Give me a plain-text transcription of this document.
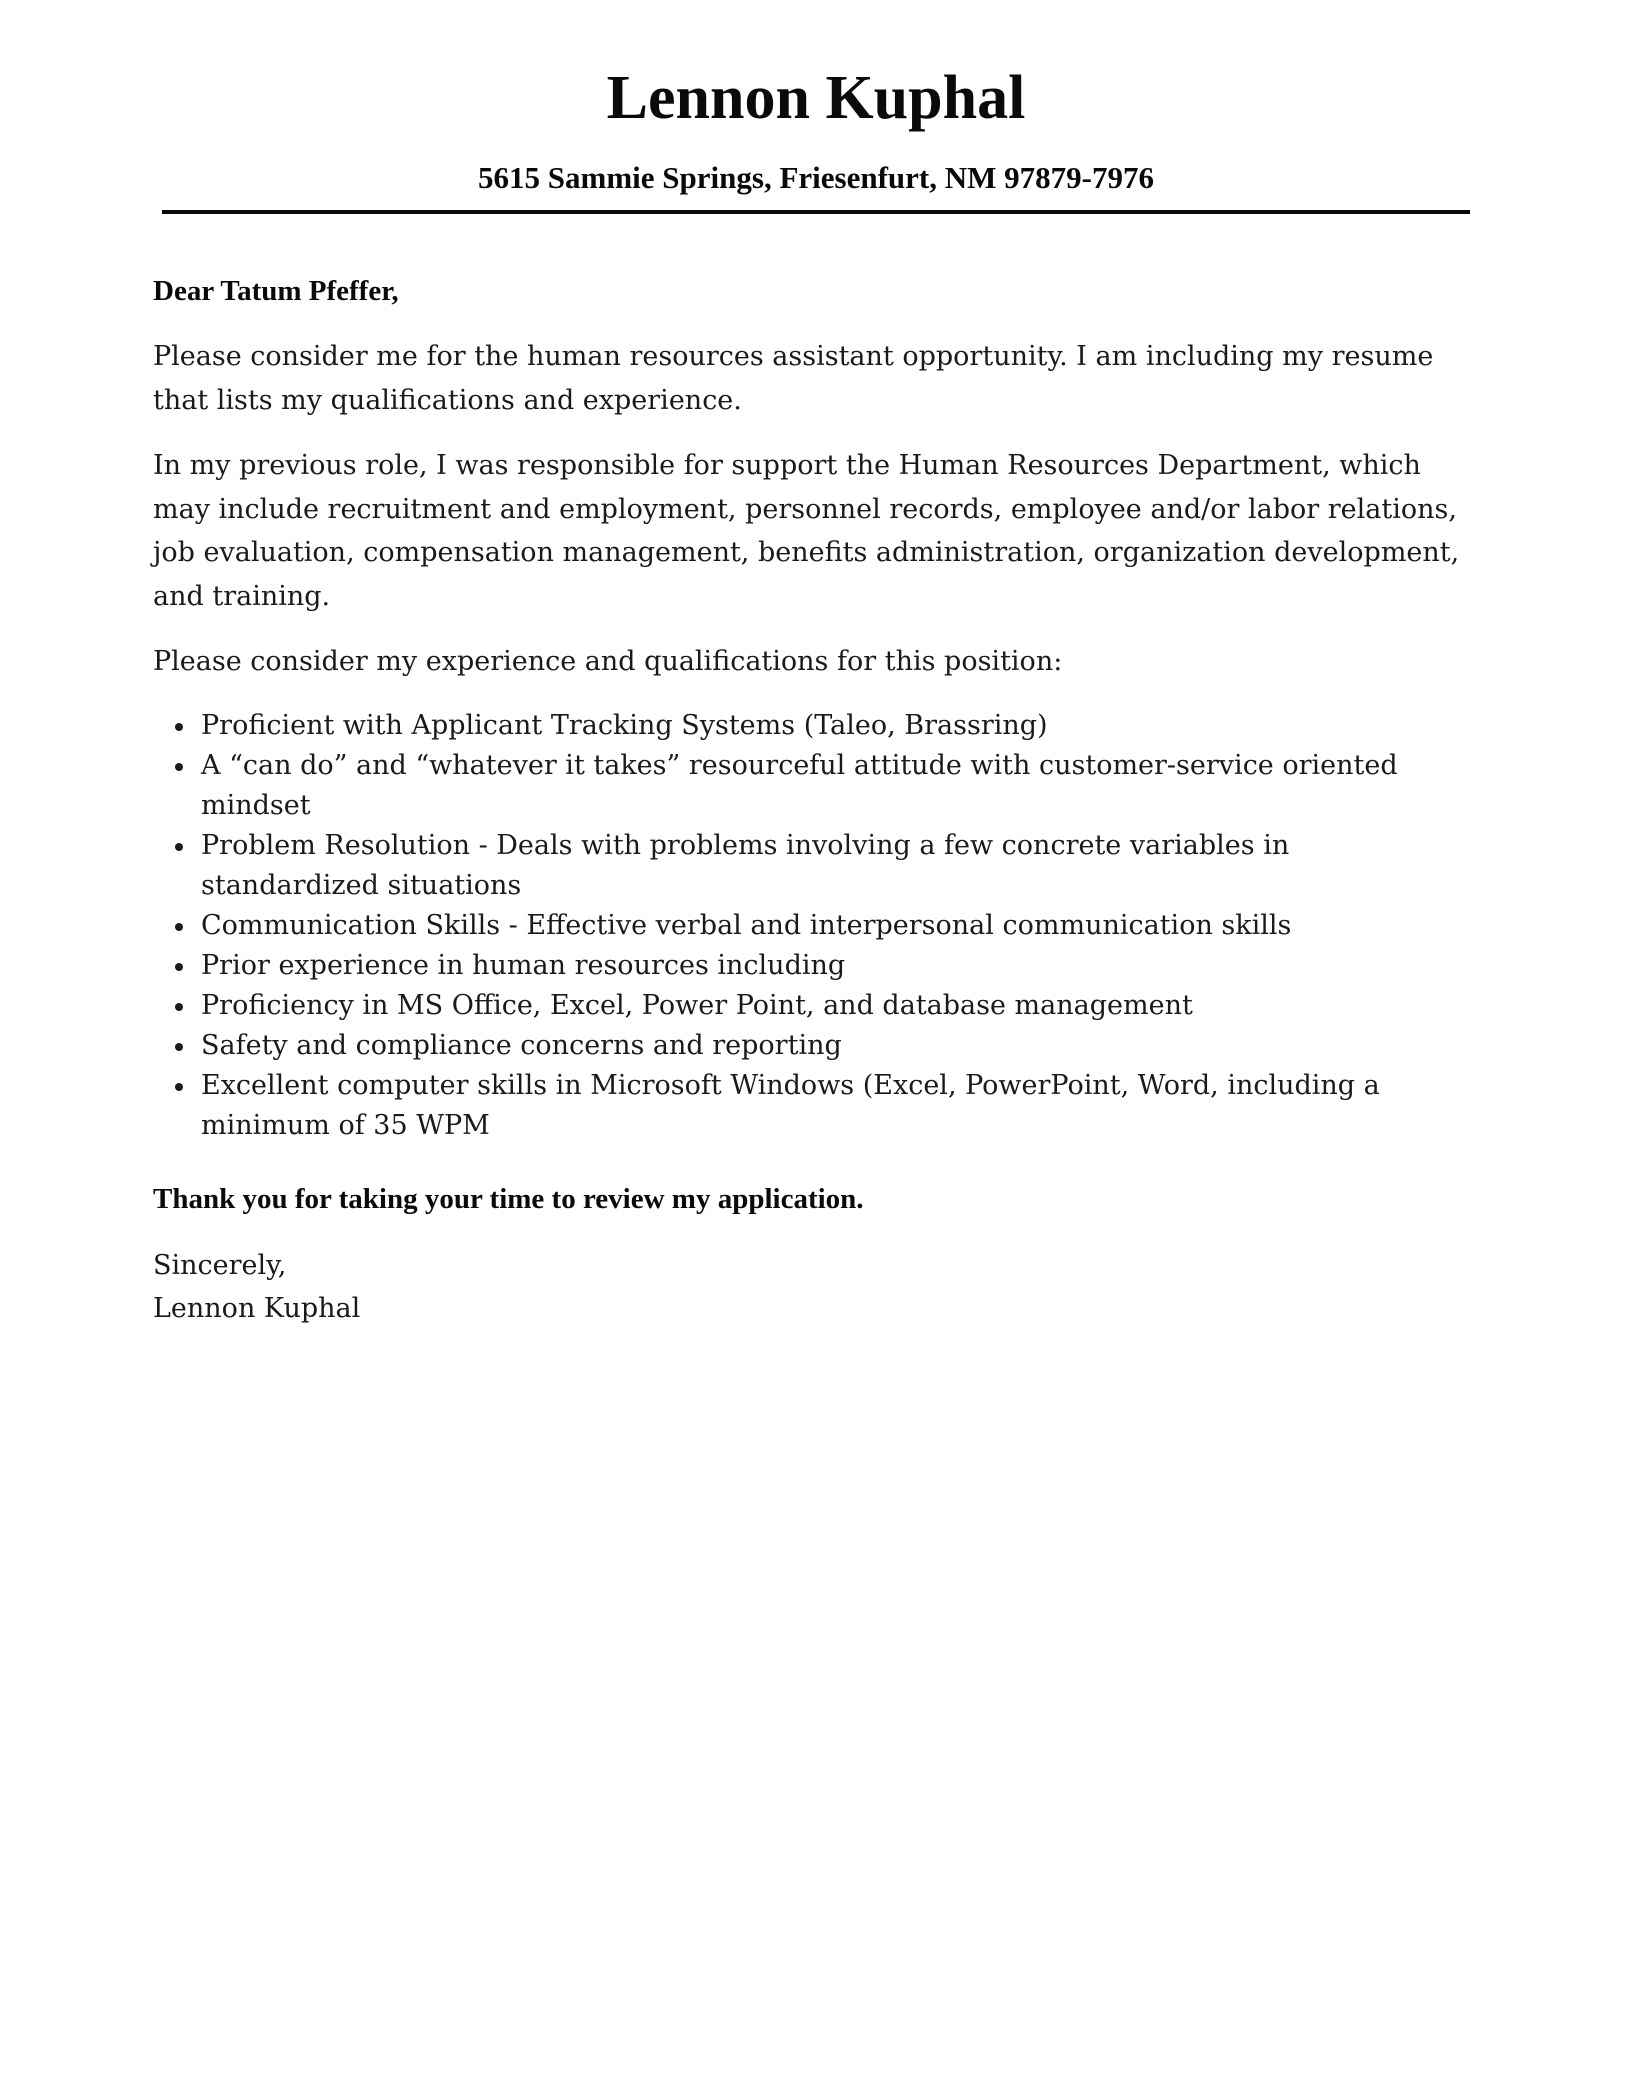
Lennon Kuphal
5615 Sammie Springs, Friesenfurt, NM 97879-7976

Dear Tatum Pfeffer,

Please consider me for the human resources assistant opportunity. I am including my resume that lists my qualifications and experience.

In my previous role, I was responsible for support the Human Resources Department, which may include recruitment and employment, personnel records, employee and/or labor relations, job evaluation, compensation management, benefits administration, organization development, and training.

Please consider my experience and qualifications for this position:

Proficient with Applicant Tracking Systems (Taleo, Brassring)
A “can do” and “whatever it takes” resourceful attitude with customer-service oriented mindset
Problem Resolution - Deals with problems involving a few concrete variables in standardized situations
Communication Skills - Effective verbal and interpersonal communication skills
Prior experience in human resources including
Proficiency in MS Office, Excel, Power Point, and database management
Safety and compliance concerns and reporting
Excellent computer skills in Microsoft Windows (Excel, PowerPoint, Word, including a minimum of 35 WPM

Thank you for taking your time to review my application.

Sincerely,

Lennon Kuphal
